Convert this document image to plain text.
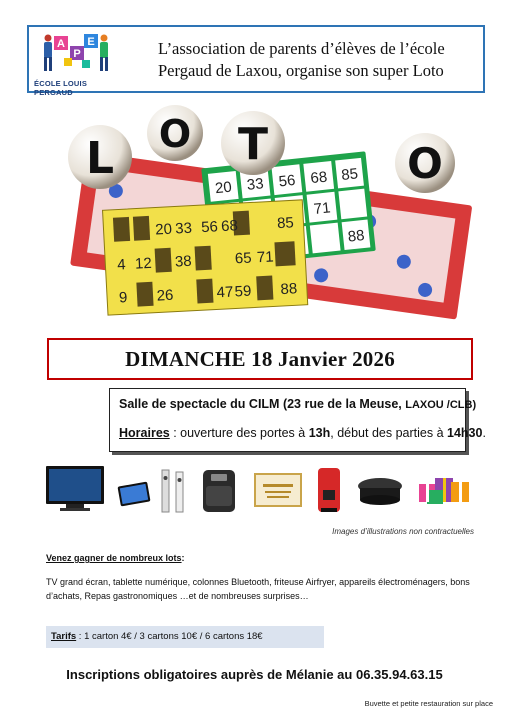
A
P
E
ÉCOLE LOUIS PERGAUD
L’association de parents d’élèves de l’école
Pergaud de Laxou, organise son super Loto
20 33 56 68 85
71
88
20 33 56 68	85
4 12 38	65 71
9 26	47 59 88
L O T	O
DIMANCHE 18 Janvier 2026
Salle de spectacle du CILM (23 rue de la Meuse, LAXOU /CLB)
Horaires : ouverture des portes à 13h, début des parties à 14h30.
Images d’illustrations non contractuelles
Venez gagner de nombreux lots:
TV grand écran, tablette numérique, colonnes Bluetooth, friteuse Airfryer, appareils électroménagers, bons d’achats, Repas gastronomiques …et de nombreuses surprises…
Tarifs : 1 carton 4€ / 3 cartons 10€ / 6 cartons 18€
Inscriptions obligatoires auprès de Mélanie au 06.35.94.63.15
Buvette et petite restauration sur place
